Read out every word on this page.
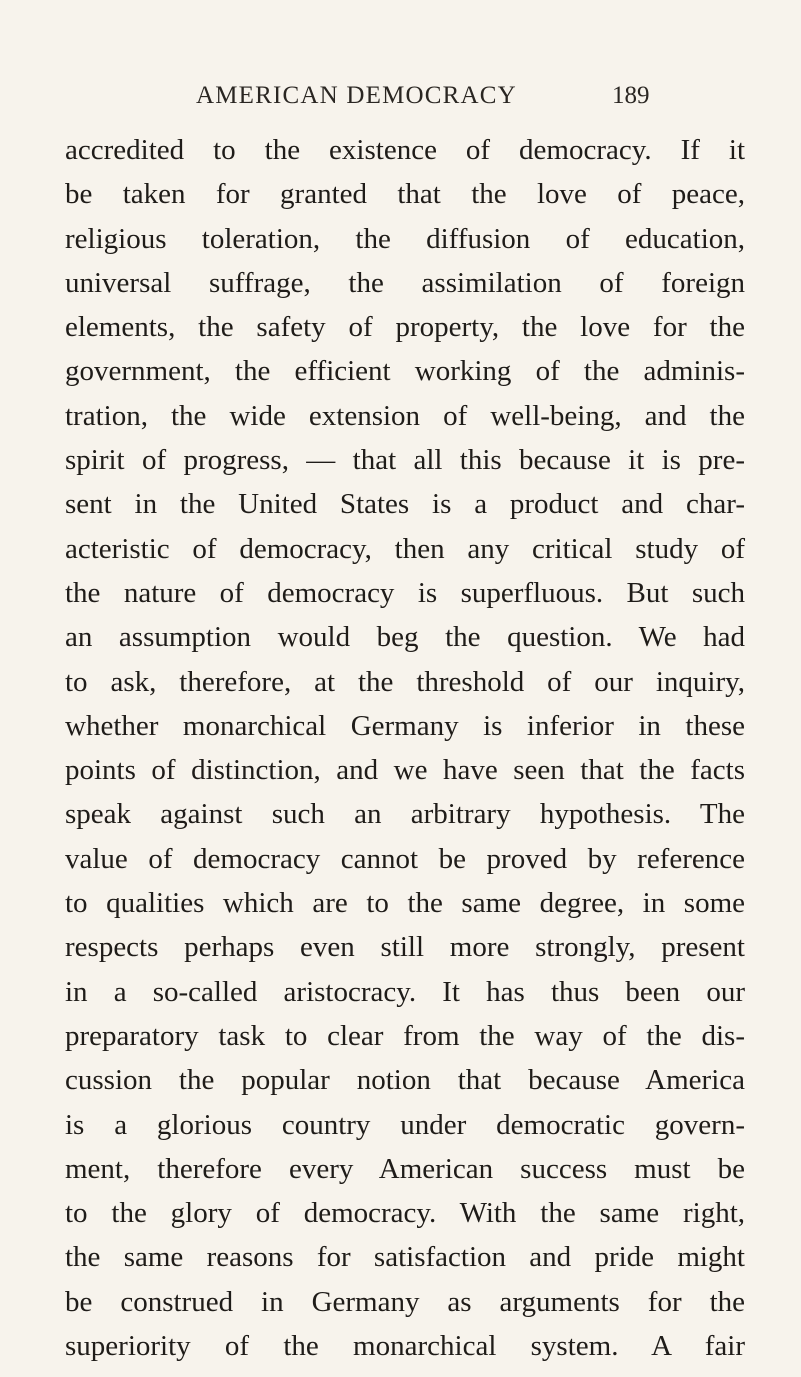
AMERICAN DEMOCRACY	189
accredited to the existence of democracy. If it
be taken for granted that the love of peace,
religious toleration, the diffusion of education,
universal suffrage, the assimilation of foreign
elements, the safety of property, the love for the
government, the efficient working of the adminis-
tration, the wide extension of well-being, and the
spirit of progress, — that all this because it is pre-
sent in the United States is a product and char-
acteristic of democracy, then any critical study of
the nature of democracy is superfluous. But such
an assumption would beg the question. We had
to ask, therefore, at the threshold of our inquiry,
whether monarchical Germany is inferior in these
points of distinction, and we have seen that the facts
speak against such an arbitrary hypothesis. The
value of democracy cannot be proved by reference
to qualities which are to the same degree, in some
respects perhaps even still more strongly, present
in a so-called aristocracy. It has thus been our
preparatory task to clear from the way of the dis-
cussion the popular notion that because America
is a glorious country under democratic govern-
ment, therefore every American success must be
to the glory of democracy. With the same right,
the same reasons for satisfaction and pride might
be construed in Germany as arguments for the
superiority of the monarchical system. A fair
